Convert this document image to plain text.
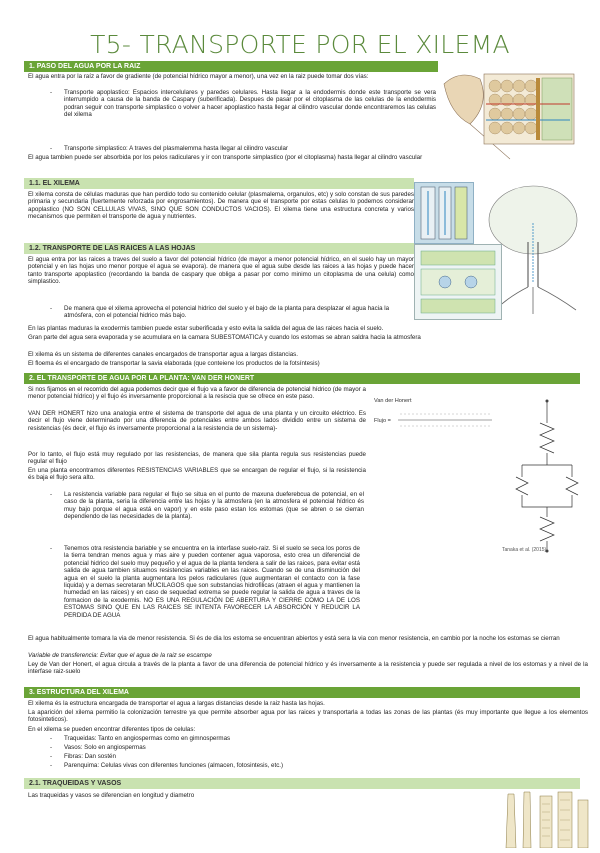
T5- TRANSPORTE POR EL XILEMA
1. PASO DEL AGUA POR LA RAIZ

El agua entra por la raíz a favor de gradiente (de potencial hídrico mayor a menor), una vez en la raiz puede tomar dos vías:

- Transporte apoplastico: Espacios intercelulares y paredes celulares. Hasta llegar a la endodermis donde este transporte se vera interrumpido a causa de la banda de Caspary (suberificada). Despues de pasar por el citoplasma de las celulas de la endodermis podran seguir con transporte simplastico o volver a hacer apoplastico hasta llegar al cilindro vascular donde encontraremos las celulas del xilema
- Transporte simplastico: A traves del plasmalemma hasta llegar al cilindro vascular

El agua tambien puede ser absorbida por los pelos radiculares y ir con transporte simplastico (por el citoplasma) hasta llegar al cilindro vascular

1.1. EL XILEMA

El xilema consta de células maduras que han perdido todo su contenido celular (plasmalema, organulos, etc) y solo constan de sus paredes primaria y secundaria (fuertemente reforzada por engrosamientos). De manera que el transporte por estas celulas lo podemos considerar apoplastico (NO SON CELLULAS VIVAS, SINO QUE SON CONDUCTOS VACIOS). El xilema tiene una estructura concreta y varios mecanismos que permiten el transporte de agua y nutrientes.

1.2. TRANSPORTE DE LAS RAICES A LAS HOJAS

El agua entra por las raices a traves del suelo a favor del potencial hídrico (de mayor a menor potencial hídrico, en el suelo hay un mayor potencial y en las hojas uno menor porque el agua se evapora). de manera que el agua sube desde las raices a las hojas y puede hacer tanto transporte apoplastico (recordando la banda de caspary que obliga a pasar por como minimo un citoplasma de una celula) como simplastico.

- De manera que el xilema aprovecha el potencial hidrico del suelo y el bajo de la planta para desplazar el agua hacia la atmósfera, con el potencial hidrico más bajo.

En las plantas maduras la exodermis tambien puede estar suberificada y esto evita la salida del agua de las raices hacia el suelo.

Gran parte del agua sera evaporada y se acumulara en la camara SUBESTOMATICA y cuando los estomas se abran saldra hacia la atmosfera

El xilema és un sistema de diferentes canales encargados de transportar agua a largas distancias.

El floema és el encargado de transportar la savia elaborada (que conteiene los productos de la fotsíntesis)

2. EL TRANSPORTE DE AGUA POR LA PLANTA: VAN DER HONERT

Si nos fijamos en el recorrido del agua podemos decir que el flujo va a favor de diferencia de potencial hídrico (de mayor a menor potencial hídrico) y el flujo és inversamente proporcional a la resiscia que se ofrece en este paso.

VAN DER HONERT hizo una analogia entre el sistema de transporte del agua de una planta y un circuito eléctrico. Es decir el flujo viene determinado por una diferencia de potenciales entre ambos lados dividido entre un sistema de resistencias (és decir, el flujo és inversamente proporcional a la resistencia de un sistema)-

Por lo tanto, el flujo está muy regulado por las resistencias, de manera que sila planta regula sus resistencias puede regular el flujo

En una planta encontramos diferentes RESISTENCIAS VARIABLES que se encargan de regular el flujo, si la resistencia és baja el flujo sera alto.

- La resistencia variable para regular el flujo se situa en el punto de maxuna dueferebcua de potencial, en el caso de la planta, seria la diferencia entre las hojas y la atmosfera (en la atmosfera el potencial hídrico és muy bajo porque el agua está en vapor) y en este paso estan los estomas (que se abren o se cierran dependiendo de las necesidades de la planta).
- Tenemos otra resistencia bariable y se encuentra en la interfase suelo-raiz. Si el suelo se seca los poros de la tierra tendran menos agua y mas aire y pueden contener agua vaporosa, esto crea un diferencial de potencial hidrico del suelo muy pequeño y el agua de la planta tendera a salir de las raices, para evitar está salida de agua tambien situamos resistencias variables en las raices. Cuando se de una disminución del agua en el suelo la planta augmentara los pelos radiculares (que augmentaran el contacto con la fase liquida) y a demas secretaran MUCILAGOS que son substancias hidrofilicas (atraen el agua y mantienen la humedad en las raices) y en caso de sequedad extrema se puede regular la salida de agua a traves de la formacion de la exodermis. NO ES UNA REGULACIÓN DE ABERTURA Y CIERRE COMO LA DE LOS ESTOMAS SINO QUE EN LAS RAICES SE INTENTA FAVORECER LA ABSORCIÓN Y REDUCIR LA PERDIDA DE AGUA

El agua habitualmente tomara la via de menor resistencia. Si és de dia los estoma se encuentran abiertos y está sera la via con menor resistencia, en cambio por la noche los estomas se cierran

Variable de transferencia: Evitar que el agua de la raiz se escampe

Ley de Van der Honert, el agua circula a través de la planta a favor de una diferencia de potencial hídrico y és inversamente a la resistencia y puede ser regulada a nivel de los estomas y a nivel de la interfase raiz-suelo

Van der Honert
Flujo =
Tanaka et al. (2015)
3. ESTRUCTURA DEL XILEMA

El xilema és la estructura encargada de transportar el agua a largas distancias desde la raiz hasta las hojas.

La aparición del xilema permitio la colonización terrestre ya que permite absorber agua por las raices y transportarla a todas las zonas de las plantas (és muy importante que llegue a los elementos fotosinteticos).

En el xilema se pueden encontrar diferentes tipos de celulas:

- Traqueidas: Tanto en angiospermas como en gimnospermas
- Vasos: Solo en angiospermas
- Fibras: Dan sostén
- Parenquima: Celulas vivas con diferentes funciones (almacen, fotosintesis, etc.)
2.1. TRAQUEIDAS Y VASOS

Las traqueidas y vasos se diferencian en longitud y diametro
